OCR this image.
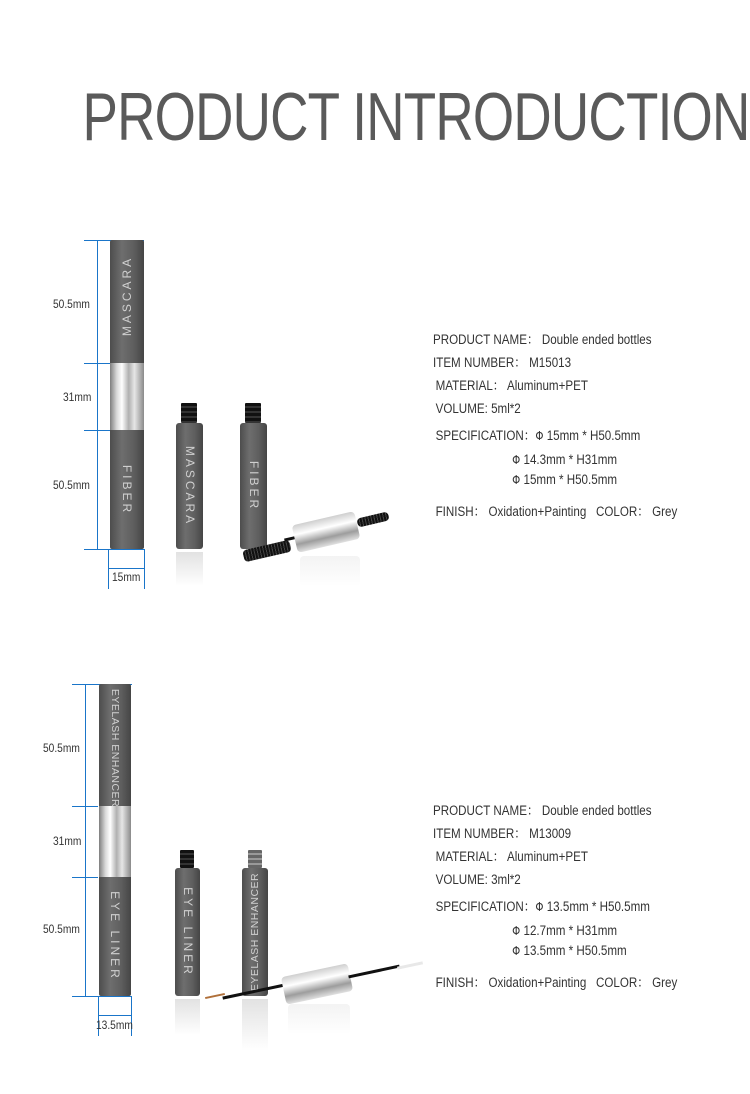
PRODUCT INTRODUCTION
50.5mm
31mm
50.5mm
15mm
MASCARA
FIBER	MASCARA	FIBER
PRODUCT NAME： Double ended bottles
ITEM NUMBER： M15013
MATERIAL： Aluminum+PET
VOLUME: 5ml*2
SPECIFICATION：Φ 15mm * H50.5mm
Φ 14.3mm * H31mm
Φ 15mm * H50.5mm
FINISH： Oxidation+Painting COLOR： Grey
50.5mm
31mm
50.5mm
13.5mm
EYELASH ENHANCER
EYE LINER	EYE LINER	EYELASH ENHANCER
PRODUCT NAME： Double ended bottles
ITEM NUMBER： M13009
MATERIAL： Aluminum+PET
VOLUME: 3ml*2
SPECIFICATION：Φ 13.5mm * H50.5mm
Φ 12.7mm * H31mm
Φ 13.5mm * H50.5mm
FINISH： Oxidation+Painting COLOR： Grey
